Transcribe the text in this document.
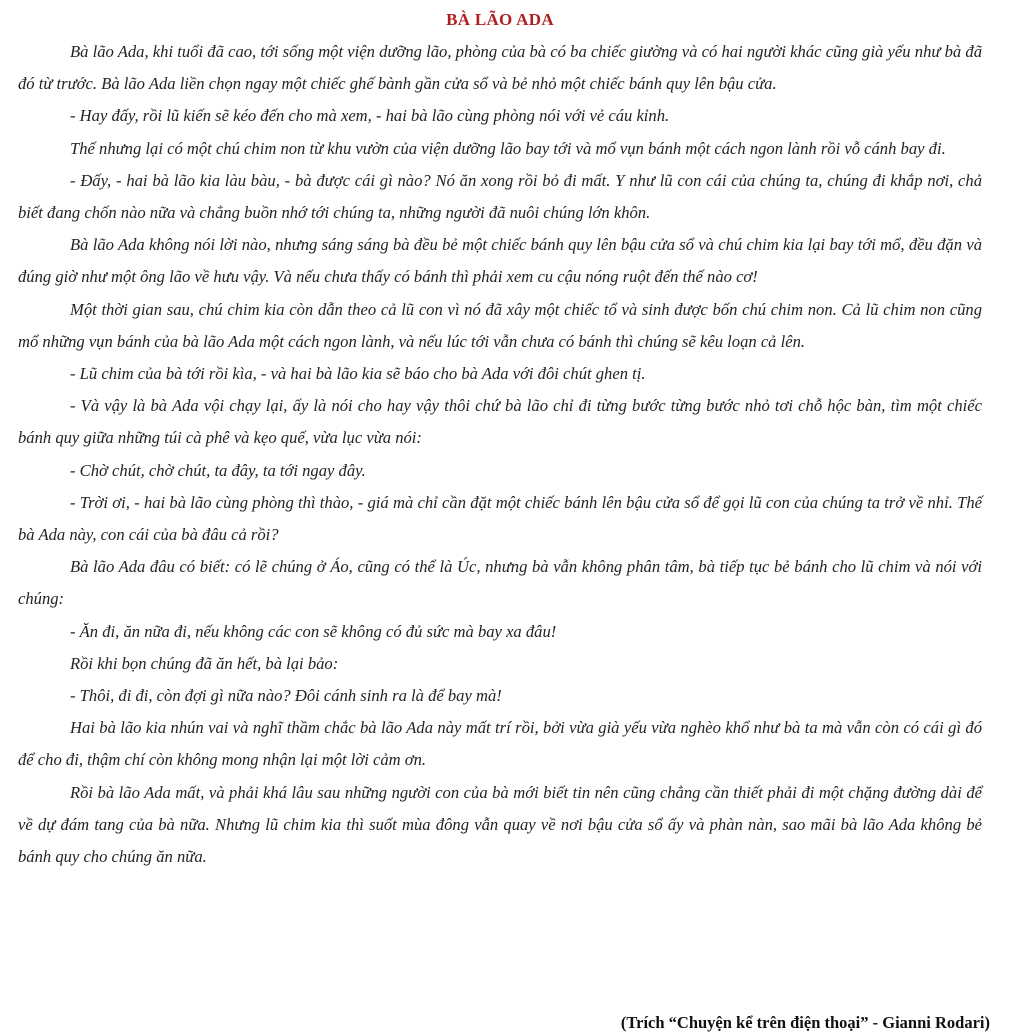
BÀ LÃO ADA

Bà lão Ada, khi tuổi đã cao, tới sống một viện dưỡng lão, phòng của bà có ba chiếc giường và có hai người khác cũng già yếu như bà đã đó từ trước. Bà lão Ada liền chọn ngay một chiếc ghế bành gần cửa sổ và bẻ nhỏ một chiếc bánh quy lên bậu cửa.

- Hay đấy, rồi lũ kiến sẽ kéo đến cho mà xem, - hai bà lão cùng phòng nói với vẻ cáu kỉnh.

Thế nhưng lại có một chú chim non từ khu vườn của viện dưỡng lão bay tới và mổ vụn bánh một cách ngon lành rồi vỗ cánh bay đi.

- Đấy, - hai bà lão kia làu bàu, - bà được cái gì nào? Nó ăn xong rồi bỏ đi mất. Y như lũ con cái của chúng ta, chúng đi khắp nơi, chả biết đang chốn nào nữa và chẳng buồn nhớ tới chúng ta, những người đã nuôi chúng lớn khôn.

Bà lão Ada không nói lời nào, nhưng sáng sáng bà đều bẻ một chiếc bánh quy lên bậu cửa sổ và chú chim kia lại bay tới mổ, đều đặn và đúng giờ như một ông lão về hưu vậy. Và nếu chưa thấy có bánh thì phải xem cu cậu nóng ruột đến thế nào cơ!

Một thời gian sau, chú chim kia còn dẫn theo cả lũ con vì nó đã xây một chiếc tổ và sinh được bốn chú chim non. Cả lũ chim non cũng mổ những vụn bánh của bà lão Ada một cách ngon lành, và nếu lúc tới vẫn chưa có bánh thì chúng sẽ kêu loạn cả lên.

- Lũ chim của bà tới rồi kìa, - và hai bà lão kia sẽ báo cho bà Ada với đôi chút ghen tị.

- Và vậy là bà Ada vội chạy lại, ấy là nói cho hay vậy thôi chứ bà lão chỉ đi từng bước từng bước nhỏ tơi chỗ hộc bàn, tìm một chiếc bánh quy giữa những túi cà phê và kẹo quế, vừa lục vừa nói:

- Chờ chút, chờ chút, ta đây, ta tới ngay đây.

- Trời ơi, - hai bà lão cùng phòng thì thào, - giá mà chỉ cần đặt một chiếc bánh lên bậu cửa sổ để gọi lũ con của chúng ta trở về nhỉ. Thế bà Ada này, con cái của bà đâu cả rồi?

Bà lão Ada đâu có biết: có lẽ chúng ở Áo, cũng có thể là Úc, nhưng bà vẫn không phân tâm, bà tiếp tục bẻ bánh cho lũ chim và nói với chúng:

- Ăn đi, ăn nữa đi, nếu không các con sẽ không có đủ sức mà bay xa đâu!

Rồi khi bọn chúng đã ăn hết, bà lại bảo:

- Thôi, đi đi, còn đợi gì nữa nào? Đôi cánh sinh ra là để bay mà!

Hai bà lão kia nhún vai và nghĩ thầm chắc bà lão Ada này mất trí rồi, bởi vừa già yếu vừa nghèo khổ như bà ta mà vẫn còn có cái gì đó để cho đi, thậm chí còn không mong nhận lại một lời cảm ơn.

Rồi bà lão Ada mất, và phải khá lâu sau những người con của bà mới biết tin nên cũng chẳng cần thiết phải đi một chặng đường dài để về dự đám tang của bà nữa. Nhưng lũ chim kia thì suốt mùa đông vẫn quay về nơi bậu cửa sổ ấy và phàn nàn, sao mãi bà lão Ada không bẻ bánh quy cho chúng ăn nữa.

(Trích “Chuyện kể trên điện thoại” - Gianni Rodari)
